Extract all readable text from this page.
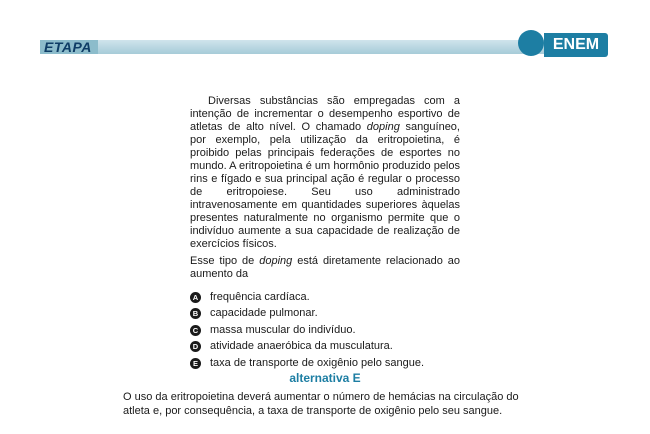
ETAPA	ENEM

Diversas substâncias são empregadas com a intenção de incrementar o desempenho esportivo de atletas de alto nível. O chamado doping sanguíneo, por exemplo, pela utilização da eritropoietina, é proibido pelas principais federações de esportes no mundo. A eritropoietina é um hormônio produzido pelos rins e fígado e sua principal ação é regular o processo de eritropoiese. Seu uso administrado intravenosamente em quantidades superiores àquelas presentes naturalmente no organismo permite que o indivíduo aumente a sua capacidade de realização de exercícios físicos.

Esse tipo de doping está diretamente relacionado ao aumento da

A frequência cardíaca.
B capacidade pulmonar.
C massa muscular do indivíduo.
D atividade anaeróbica da musculatura.
E taxa de transporte de oxigênio pelo sangue.
alternativa E
O uso da eritropoietina deverá aumentar o número de hemácias na circulação do atleta e, por consequência, a taxa de transporte de oxigênio pelo seu sangue.
